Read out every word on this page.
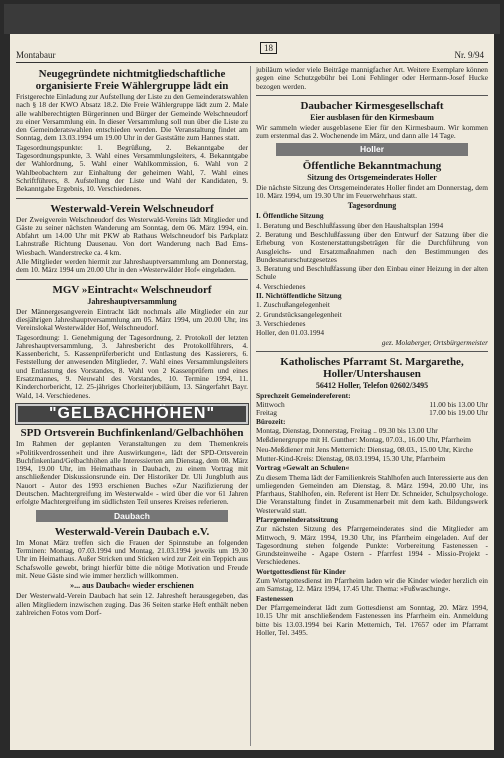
Montabaur
18
Nr. 9/94
Neugegründete nichtmitgliedschaftliche organisierte Freie Wählergruppe lädt ein

Fristgerechte Einladung zur Aufstellung der Liste zu den Gemeinderatswahlen nach § 18 der KWO Absatz 18.2. Die Freie Wählergruppe lädt zum 2. Male alle wahlberechtigten Bürgerinnen und Bürger der Gemeinde Welschneudorf zu einer Versammlung ein. In dieser Versammlung soll nun über die Liste zu den Gemeinderatswahlen entschieden werden. Die Veranstaltung findet am Sonntag, dem 13.03.1994 um 19.00 Uhr in der Gaststätte zum Hannes statt.

Tagesordnungspunkte: 1. Begrüßung, 2. Bekanntgabe der Tagesordnungspunkte, 3. Wahl eines Versammlungsleiters, 4. Bekanntgabe der Wahlordnung, 5. Wahl einer Wahlkommission, 6. Wahl von 2 Wahlbeobachtern zur Einhaltung der geheimen Wahl, 7. Wahl eines Schriftführers, 8. Aufstellung der Liste und Wahl der Kandidaten, 9. Bekanntgabe Ergebnis, 10. Verschiedenes.

Westerwald-Verein Welschneudorf

Der Zweigverein Welschneudorf des Westerwald-Vereins lädt Mitglieder und Gäste zu seiner nächsten Wanderung am Sonntag, dem 06. März 1994, ein. Abfahrt um 14.00 Uhr mit PKW ab Rathaus Welschneudorf bis Parkplatz Lahnstraße Richtung Dausenau. Von dort Wanderung nach Bad Ems-Wiesbach. Wanderstrecke ca. 4 km.

Alle Mitglieder werden hiermit zur Jahreshauptversammlung am Donnerstag, dem 10. März 1994 um 20.00 Uhr in den »Westerwälder Hof« eingeladen.

MGV »Eintracht« Welschneudorf
Jahreshauptversammlung

Der Männergesangverein Eintracht lädt nochmals alle Mitglieder ein zur diesjährigen Jahreshauptversammlung am 05. März 1994, um 20.00 Uhr, ins Vereinslokal Westerwälder Hof, Welschneudorf.

Tagesordnung: 1. Genehmigung der Tagesordnung, 2. Protokoll der letzten Jahreshauptversammlung, 3. Jahresbericht des Protokollführers, 4. Kassenbericht, 5. Kassenprüferbericht und Entlastung des Kassierers, 6. Feststellung der anwesenden Mitglieder, 7. Wahl eines Versammlungsleiters und Entlastung des Vorstandes, 8. Wahl von 2 Kassenprüfern und eines Ersatzmannes, 9. Neuwahl des Vorstandes, 10. Termine 1994, 11. Kinderchorbericht, 12. 25-jähriges Chorleiterjubiläum, 13. Sängerfahrt Bayr. Wald, 14. Verschiedenes.

"GELBACHHÖHEN"
SPD Ortsverein Buchfinkenland/Gelbachhöhen

Im Rahmen der geplanten Veranstaltungen zu dem Themenkreis »Politikverdrossenheit und ihre Auswirkungen«, lädt der SPD-Ortsverein Buchfinkenland/Gelbachhöhen alle Interessierten am Dienstag, dem 08. März 1994, 19.00 Uhr, im Heimathaus in Daubach, zu einem Vortrag mit anschließender Diskussionsrunde ein. Der Historiker Dr. Uli Jungbluth aus Nauort - Autor des 1993 erschienen Buches »Zur Nazifizierung der Deutschen. Machtergreifung im Westerwald« - wird über die vor 61 Jahren erfolgte Machtergreifung im südlichsten Teil unseres Kreises referieren.

Daubach
Westerwald-Verein Daubach e.V.

Im Monat März treffen sich die Frauen der Spinnstube an folgenden Terminen: Montag, 07.03.1994 und Montag, 21.03.1994 jeweils um 19.30 Uhr im Heimathaus. Außer Stricken und Sticken wird zur Zeit ein Teppich aus Schafswolle gewebt, bringt hierfür bitte die nötige Motivation und Freude mit. Neue Gäste sind wie immer herzlich willkommen.

»... aus Daubach« wieder erschienen

Der Westerwald-Verein Daubach hat sein 12. Jahresheft herausgegeben, das allen Mitgliedern inzwischen zuging. Das 36 Seiten starke Heft enthält neben zahlreichen Fotos vom Dorf-

jubiläum wieder viele Beiträge mannigfacher Art. Weitere Exemplare können gegen eine Schutzgebühr bei Loni Fehlinger oder Hermann-Josef Hucke bezogen werden.

Daubacher Kirmesgesellschaft
Eier ausblasen für den Kirmesbaum

Wir sammeln wieder ausgeblasene Eier für den Kirmesbaum. Wir kommen zum erstenmal das 2. Wochenende im März, und dann alle 14 Tage.

Holler
Öffentliche Bekanntmachung
Sitzung des Ortsgemeinderates Holler

Die nächste Sitzung des Ortsgemeinderates Holler findet am Donnerstag, dem 10. März 1994, um 19.30 Uhr im Feuerwehrhaus statt.

Tagesordnung

I. Öffentliche Sitzung

1. Beratung und Beschlußfassung über den Haushaltsplan 1994

2. Beratung und Beschlußfassung über den Entwurf der Satzung über die Erhebung von Kostenerstattungsbeträgen für die Durchführung von Ausgleichs- und Ersatzmaßnahmen nach den Bestimmungen des Bundesnaturschutzgesetzes

3. Beratung und Beschlußfassung über den Einbau einer Heizung in der alten Schule

4. Verschiedenes

II. Nichtöffentliche Sitzung

1. Zuschußangelegenheit

2. Grundstücksangelegenheit

3. Verschiedenes

Holler, den 01.03.1994

gez. Molaberger, Ortsbürgermeister

Katholisches Pfarramt St. Margarethe, Holler/Untershausen
56412 Holler, Telefon 02602/3495

Sprechzeit Gemeindereferent:

Mittwoch	11.00 bis 13.00 Uhr
Freitag	17.00 bis 19.00 Uhr

Bürozeit:

Montag, Dienstag, Donnerstag, Freitag .. 09.30 bis 13.00 Uhr

Meßdienergruppe mit H. Gunther: Montag, 07.03., 16.00 Uhr, Pfarrheim

Neu-Meßdiener mit Jens Metternich: Dienstag, 08.03., 15.00 Uhr, Kirche

Mutter-Kind-Kreis: Dienstag, 08.03.1994, 15.30 Uhr, Pfarrheim

Vortrag »Gewalt an Schulen«

Zu diesem Thema lädt der Familienkreis Stahlhofen auch Interessierte aus den umliegenden Gemeinden am Dienstag, 8. März 1994, 20.00 Uhr, ins Pfarrhaus, Stahlhofen, ein. Referent ist Herr Dr. Schneider, Schulpsychologe. Die Veranstaltung findet in Zusammenarbeit mit dem kath. Bildungswerk Westerwald statt.

Pfarrgemeinderatssitzung

Zur nächsten Sitzung des Pfarrgemeinderates sind die Mitglieder am Mittwoch, 9. März 1994, 19.30 Uhr, ins Pfarrheim eingeladen. Auf der Tagesordnung stehen folgende Punkte: Vorbereitung Fastenessen - Grundsteinweihe - Agape Ostern - Pfarrfest 1994 - Missio-Projekt - Verschiedenes.

Wortgottesdienst für Kinder

Zum Wortgottesdienst im Pfarrheim laden wir die Kinder wieder herzlich ein am Samstag, 12. März 1994, 17.45 Uhr. Thema: »Fußwaschung«.

Fastenessen

Der Pfarrgemeinderat lädt zum Gottesdienst am Sonntag, 20. März 1994, 10.15 Uhr mit anschließendem Fastenessen ins Pfarrheim ein. Anmeldung bitte bis 13.03.1994 bei Karin Metternich, Tel. 17657 oder im Pfarramt Holler, Tel. 3495.
